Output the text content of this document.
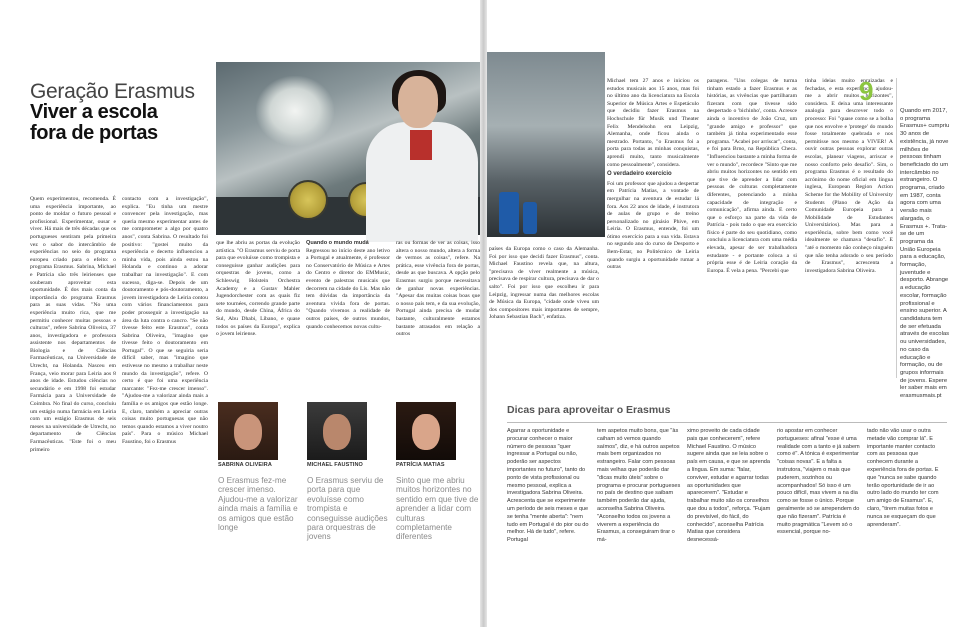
Geração Erasmus
Viver a escola
fora de portas

Quem experimentou, recomenda. É uma experiência importante, ao ponto de moldar o futuro pessoal e profissional. Experimentar, ousar e viver. Há mais de três décadas que os portugueses sentiram pela primeira vez o sabor do intercâmbio de experiências no seio do programa europeu criado para o efeito: o programa Erasmus. Sabrina, Michael e Patrícia são três leirienses que souberam aproveitar esta oportunidade. É dos mais conta da importância do programa Erasmus para as suas vidas. "No uma experiência muito rica, que me permitiu conhecer muitas pessoas e culturas", refere Sabrina Oliveira, 37 anos, investigadora e professora assistente nos departamentos de Biologia e de Ciências Farmacêuticas, na Universidade de Utrecht, na Holanda. Nasceu em França, veio morar para Leiria aos 8 anos de idade. Estudou ciências no secundário e em 1998 foi estudar Farmácia para a Universidade de Coimbra. No final do curso, concluiu um estágio numa farmácia em Leiria com um estágio Erasmus de seis meses na universidade de Utrecht, no departamento de Ciências Farmacêuticas. "Este foi o meu primeiro

contacto com a investigação", explica. "Eu tinha um mestre convencer pela investigação, mas queria mesmo experimentar antes de me comprometer a algo por quatro anos", conta Sabrina. O resultado foi positivo: "gostei muito da experiência e decerto influenciou a minha vida, pois ainda estou na Holanda e continuo a adorar trabalhar na investigação". E com sucesso, diga-se. Depois de um doutoramento e pós-doutoramento, a jovem investigadora de Leiria contou com vários financiamentos para poder prosseguir a investigação na área da luta contra o cancro. "Se não tivesse feito este Erasmus", conta Sabrina Oliveira, "imagino que tivesse feito o doutoramento em Portugal". O que se seguiria seria difícil saber, mas "imagino que estivesse no mesmo a trabalhar neste mundo da investigação", refere. O certo é que foi uma experiência marcante: "Fez-me crescer imenso". "Ajudou-me a valorizar ainda mais a família e os amigos que estão longe. E, claro, também a apreciar outras coisas muito portuguesas que não temos quando estamos a viver noutro país". Para o músico Michael Faustino, foi o Erasmus

que lhe abriu as portas da evolução artística. "O Erasmus serviu de porta para que evoluísse como trompista e conseguisse ganhar audições para orquestras de jovens, como a Schleswig Holstein Orchestra Academy e a Gustav Mahler Jugendorchester com as quais fiz sete tournées, correndo grande parte do mundo, desde China, África do Sul, Abu Dhabi, Líbano, e quase todos os países da Europa", explica o jovem leiriense.

Quando o mundo mudá

Regressou no início deste ano letivo a Portugal e atualmente, é professor no Conservatório de Música e Artes do Centro e diretor do EMMusic, evento de palestras musicais que decorrem na cidade do Lis. Mas não tem dúvidas da importância da aventura vivida fora de portas. "Quando vivemos a realidade de outros países, de outros mundos, quando conhecemos novas cultu-

ras ou formas de ver as coisas, isso altera o nosso mundo, altera a forma de vermos as coisas", refere. Na prática, esse vivência fora de portas, desde as que buscava. A opção pelo Erasmus surgiu porque necessitava de ganhar novas experiências. "Apesar das muitas coisas boas que o nosso país tem, e da sua evolução, Portugal ainda precisa de mudar bastante, culturalmente estamos bastante atrasados em relação a outros

SABRINA OLIVEIRA	MICHAEL FAUSTINO	PATRÍCIA MATIAS
O Erasmus fez-me crescer imenso. Ajudou-me a valorizar ainda mais a família e os amigos que estão longe
O Erasmus serviu de porta para que evoluísse como trompista e conseguisse audições para orquestras de jovens
Sinto que me abriu muitos horizontes no sentido em que tive de aprender a lidar com culturas completamente diferentes

países da Europa como o caso da Alemanha. Foi por isso que decidi fazer Erasmus", conta. Michael Faustino revela que, na altura, "precisava de viver realmente a música, precisava de respirar cultura, precisava de dar o salto". Foi por isso que escolheu ir para Leipzig, ingressar numa das melhores escolas de Música da Europa, "cidade onde viveu um dos compositores mais importantes de sempre, Johann Sebastian Bach", enfatiza.

Michael tem 27 anos e iniciou os estudos musicais aos 15 anos, mas foi no último ano da licenciatura na Escola Superior de Música Artes e Espetáculo que decidiu fazer Erasmus na Hochschule für Musik und Theater Felix Mendelsohn em Leipzig, Alemanha, onde ficou ainda o mestrado. Portanto, "o Erasmus foi a porta para todas as minhas conquistas, aprendi muito, tanto musicalmente como pessoalmente", considera.

O verdadeiro exercício

Foi um professor que ajudou a despertar em Patrícia Matias, a vontade de mergulhar na aventura de estudar lá fora. Aos 22 anos de idade, é instrutora de aulas de grupo e de treino personalizado no ginásio Phive, em Leiria. O Erasmus, entende, foi um ótimo exercício para a sua vida. Estava no segundo ano do curso de Desporto e Bem-Estar, no Politécnico de Leiria quando surgiu a oportunidade rumar a outras

paragens. "Uns colegas de turma tinham estado a fazer Erasmus e as histórias, as vivências que partilharam fizeram com que tivesse sido despertado o 'bichinho', conta. Acresce ainda o incentivo de João Cruz, um "grande amigo e professor" que também já tinha experimentado esse programa. "Acabei por arriscar", conta, e foi para Brno, na República Checa. "Influenciou bastante a minha forma de ver o mundo", recordece "Sinto que me abriu muitos horizontes no sentido em que tive de aprender a lidar com pessoas de culturas completamente diferentes, potenciando a minha capacidade de integração e comunicação", afirma ainda. E certo que o esforço na parte da vida de Patrícia - pois tudo o que era exercício físico é parte do seu quotidiano, como concluiu a licenciatura com uma média elevada, apesar de ser trabalhadora estudante - e portante coloca a si própria esse é de Leiria coração da Europa. É vela a pena. "Percebi que

tinha ideias muito enraizadas e fechadas, e esta experiência ajudou-me a abrir muitos horizontes", considera. E deixa uma interessante analogia para descrever todo o processo: Foi "quase como se a bolha que nos envolve e 'protege' do mundo fosse totalmente quebrada e nos permitisse nos mesmo a VIVER! A ouvir outras pessoas explorar outras escolas, planear viagens, arriscar e nosso conforto pelo desafio". Sim, o programa Erasmus é o resultado do acrónimo do nome oficial em língua inglesa, European Region Action Scheme for the Mobility of University Students (Plano de Ação da Comunidade Europeia para a Mobilidade de Estudantes Universitários). Mas para a experiência, sobre bem como você idealmente se chamava "desafio". E "até o momento não conheço ninguém que não tenha adorado o seu período de Erasmus", acrescenta a investigadora Sabrina Oliveira.

9

Quando em 2017, o programa Erasmus+ cumpriu 30 anos de existência, já nove milhões de pessoas tinham beneficiado do um intercâmbio no estrangeiro. O programa, criado em 1987, conta agora com uma versão mais alargada, o Erasmus +. Trata-se de um programa da União Europeia para a educação, formação, juventude e desporto. Abrange a educação escolar, formação profissional e ensino superior. A candidatura tem de ser efetuada através de escolas ou universidades, no caso da educação e formação, ou de grupos informais de jovens. Espere ler saber mais em erasmusmais.pt

Dicas para aproveitar o Erasmus

Agarrar a oportunidade e procurar conhecer o maior número de pessoas "quer ingressar a Portugal ou não, poderão ser aspectos importantes no futuro", tanto do ponto de vista profissional ou mesmo pessoal, explica a investigadora Sabrina Oliveira. Acrescenta que se experimente um período de seis meses e que se tenha "mente aberta": "nem tudo em Portugal é do pior ou do melhor. Há de tudo", refere. Portugal

tem aspetos muito bons, que "às caiham só vemos quando saímos", diz, e há outros aspetos mais bem organizados no estrangeiro. Falar com pessoas mais velhas que poderão dar "dicas muito úteis" sobre o programa e procurar portugueses no país de destino que saibam também poderão dar ajuda, aconselha Sabrina Oliveira. "Aconselho todos os jovens a viverem a experiência do Erasmus, a conseguiram tirar o má-

ximo proveito de cada cidade pais que conhecerem", refere Michael Faustino. O músico sugere ainda que se leia sobre o país em causa, e que se aprenda a língua. Em suma: "falar, conviver, estudar e agarrar todas as oportunidades que aparecerem". "Estudar e trabalhar muito são os conselhos que dou a todos", reforça. "Fujam do previsível, do fácil, do conhecido", aconselha Patrícia Matias que considera desnecessá-

rio apostar em conhecer portugueses: afinal "esse é uma realidade com a tanto e já sabem como é". A tónica é experimentar "coisas novas". E a falta a instrutora, "viajem o mais que puderem, sozinhos ou acompanhados! Só isso é um pouco difícil, mas vivem a na dia como se fosse o único. Porque geralmente só se arrependem do que não fizeram". Patrícia é muito pragmática "Levem só o essencial, porque no-

tado não vão usar o outra metade vão comprar lá". E importante manter contacto com as pessoas que conhecem durante a experiência fora de portas. E que "nunca se sabe quando terão oportunidade de ir ao outro lado do mundo ter com um amigo de Erasmus". E, claro, "tirem muitas fotos e nunca se esqueçam do que aprenderam".
